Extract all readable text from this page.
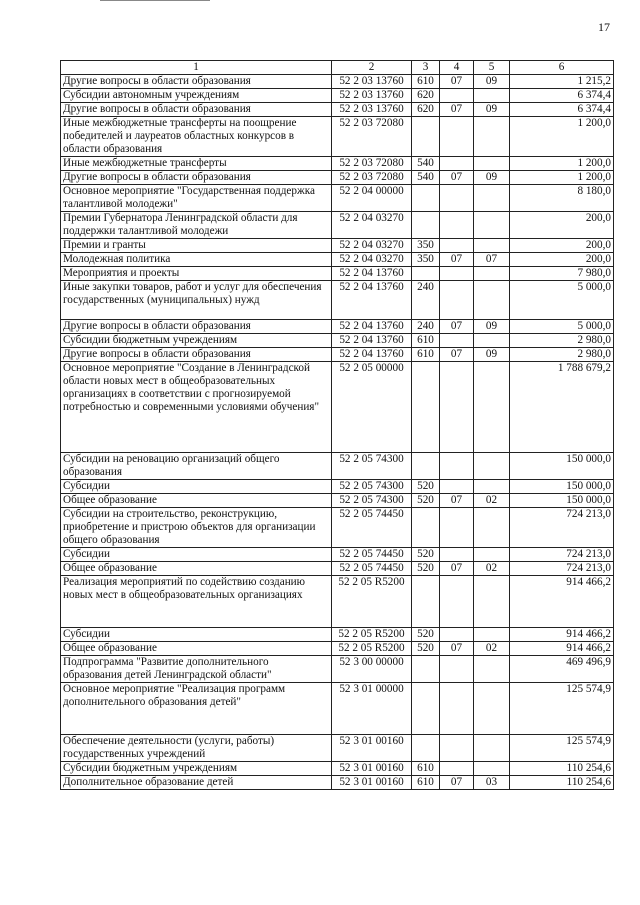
17
1	2	3	4	5	6
Другие вопросы в области образования	52 2 03 13760	610	07	09	1 215,2
Субсидии автономным учреждениям	52 2 03 13760	620			6 374,4
Другие вопросы в области образования	52 2 03 13760	620	07	09	6 374,4
Иные межбюджетные трансферты на поощрение победителей и лауреатов областных конкурсов в области образования	52 2 03 72080				1 200,0
Иные межбюджетные трансферты	52 2 03 72080	540			1 200,0
Другие вопросы в области образования	52 2 03 72080	540	07	09	1 200,0
Основное мероприятие "Государственная поддержка талантливой молодежи"	52 2 04 00000				8 180,0
Премии Губернатора Ленинградской области для поддержки талантливой молодежи	52 2 04 03270				200,0
Премии и гранты	52 2 04 03270	350			200,0
Молодежная политика	52 2 04 03270	350	07	07	200,0
Мероприятия и проекты	52 2 04 13760				7 980,0
Иные закупки товаров, работ и услуг для обеспечения государственных (муниципальных) нужд	52 2 04 13760	240			5 000,0
Другие вопросы в области образования	52 2 04 13760	240	07	09	5 000,0
Субсидии бюджетным учреждениям	52 2 04 13760	610			2 980,0
Другие вопросы в области образования	52 2 04 13760	610	07	09	2 980,0
Основное мероприятие "Создание в Ленинградской области новых мест в общеобразовательных организациях в соответствии с прогнозируемой потребностью и современными условиями обучения"	52 2 05 00000				1 788 679,2
Субсидии на реновацию организаций общего образования	52 2 05 74300				150 000,0
Субсидии	52 2 05 74300	520			150 000,0
Общее образование	52 2 05 74300	520	07	02	150 000,0
Субсидии на строительство, реконструкцию, приобретение и пристрою объектов для организации общего образования	52 2 05 74450				724 213,0
Субсидии	52 2 05 74450	520			724 213,0
Общее образование	52 2 05 74450	520	07	02	724 213,0
Реализация мероприятий по содействию созданию новых мест в общеобразовательных организациях	52 2 05 R5200				914 466,2
Субсидии	52 2 05 R5200	520			914 466,2
Общее образование	52 2 05 R5200	520	07	02	914 466,2
Подпрограмма "Развитие дополнительного образования детей Ленинградской области"	52 3 00 00000				469 496,9
Основное мероприятие "Реализация программ дополнительного образования детей"	52 3 01 00000				125 574,9
Обеспечение деятельности (услуги, работы) государственных учреждений	52 3 01 00160				125 574,9
Субсидии бюджетным учреждениям	52 3 01 00160	610			110 254,6
Дополнительное образование детей	52 3 01 00160	610	07	03	110 254,6
